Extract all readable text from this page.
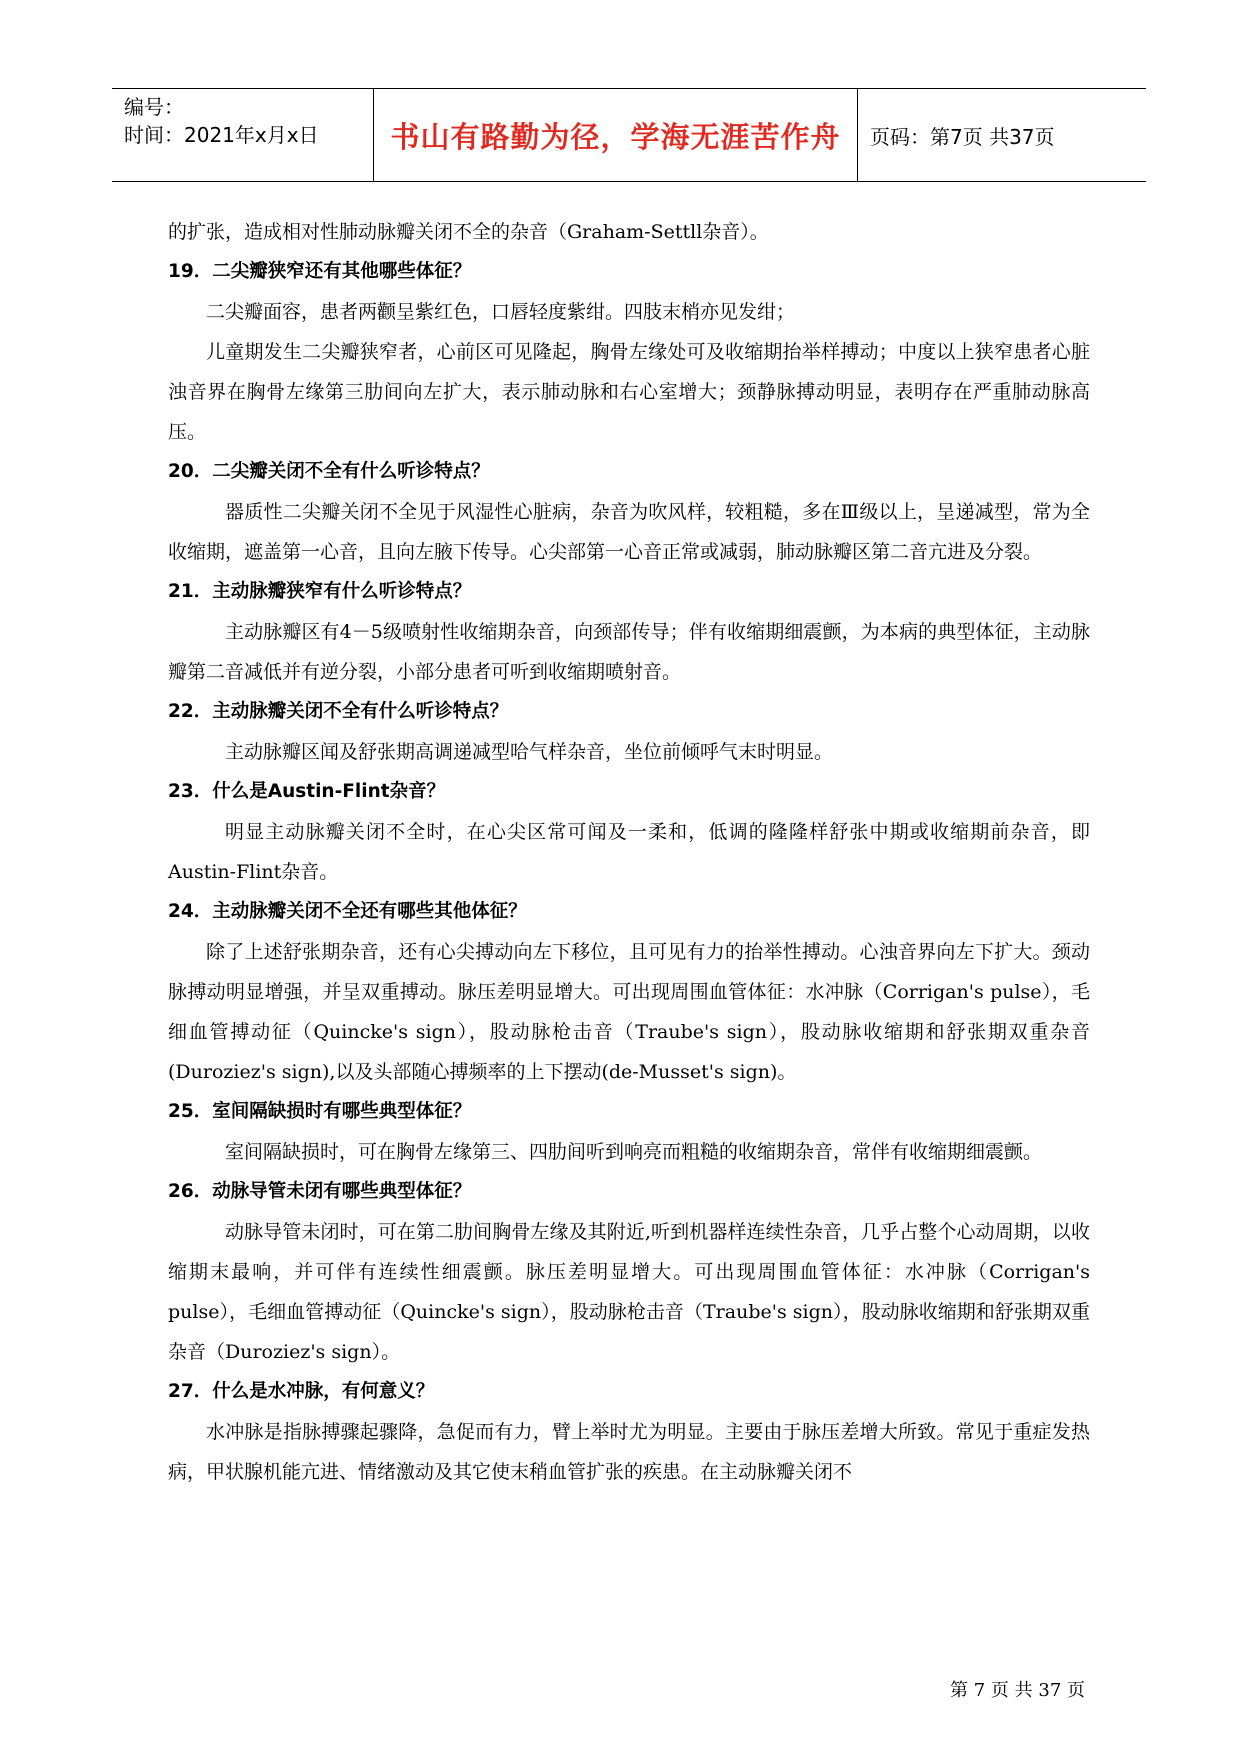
编号：
时间：2021年x月x日	书山有路勤为径，学海无涯苦作舟	页码：第7页 共37页

的扩张，造成相对性肺动脉瓣关闭不全的杂音（Graham-Settll杂音）。

19．二尖瓣狭窄还有其他哪些体征？

二尖瓣面容，患者两颧呈紫红色，口唇轻度紫绀。四肢末梢亦见发绀；

儿童期发生二尖瓣狭窄者，心前区可见隆起，胸骨左缘处可及收缩期抬举样搏动；中度以上狭窄患者心脏浊音界在胸骨左缘第三肋间向左扩大，表示肺动脉和右心室增大；颈静脉搏动明显，表明存在严重肺动脉高压。

20．二尖瓣关闭不全有什么听诊特点？

器质性二尖瓣关闭不全见于风湿性心脏病，杂音为吹风样，较粗糙，多在Ⅲ级以上，呈递减型，常为全收缩期，遮盖第一心音，且向左腋下传导。心尖部第一心音正常或减弱，肺动脉瓣区第二音亢进及分裂。

21．主动脉瓣狭窄有什么听诊特点？

主动脉瓣区有4－5级喷射性收缩期杂音，向颈部传导；伴有收缩期细震颤，为本病的典型体征，主动脉瓣第二音减低并有逆分裂，小部分患者可听到收缩期喷射音。

22．主动脉瓣关闭不全有什么听诊特点？

主动脉瓣区闻及舒张期高调递减型哈气样杂音，坐位前倾呼气末时明显。

23．什么是Austin-Flint杂音？

明显主动脉瓣关闭不全时，在心尖区常可闻及一柔和，低调的隆隆样舒张中期或收缩期前杂音，即Austin-Flint杂音。

24．主动脉瓣关闭不全还有哪些其他体征？

除了上述舒张期杂音，还有心尖搏动向左下移位，且可见有力的抬举性搏动。心浊音界向左下扩大。颈动脉搏动明显增强，并呈双重搏动。脉压差明显增大。可出现周围血管体征：水冲脉（Corrigan's pulse），毛细血管搏动征（Quincke's sign），股动脉枪击音（Traube's sign），股动脉收缩期和舒张期双重杂音(Duroziez's sign),以及头部随心搏频率的上下摆动(de-Musset's sign)。

25．室间隔缺损时有哪些典型体征？

室间隔缺损时，可在胸骨左缘第三、四肋间听到响亮而粗糙的收缩期杂音，常伴有收缩期细震颤。

26．动脉导管未闭有哪些典型体征？

动脉导管未闭时，可在第二肋间胸骨左缘及其附近,听到机器样连续性杂音，几乎占整个心动周期，以收缩期末最响，并可伴有连续性细震颤。脉压差明显增大。可出现周围血管体征：水冲脉（Corrigan's pulse），毛细血管搏动征（Quincke's sign），股动脉枪击音（Traube's sign），股动脉收缩期和舒张期双重杂音（Duroziez's sign）。

27．什么是水冲脉，有何意义？

水冲脉是指脉搏骤起骤降，急促而有力，臂上举时尤为明显。主要由于脉压差增大所致。常见于重症发热病，甲状腺机能亢进、情绪激动及其它使末稍血管扩张的疾患。在主动脉瓣关闭不

第 7 页 共 37 页
